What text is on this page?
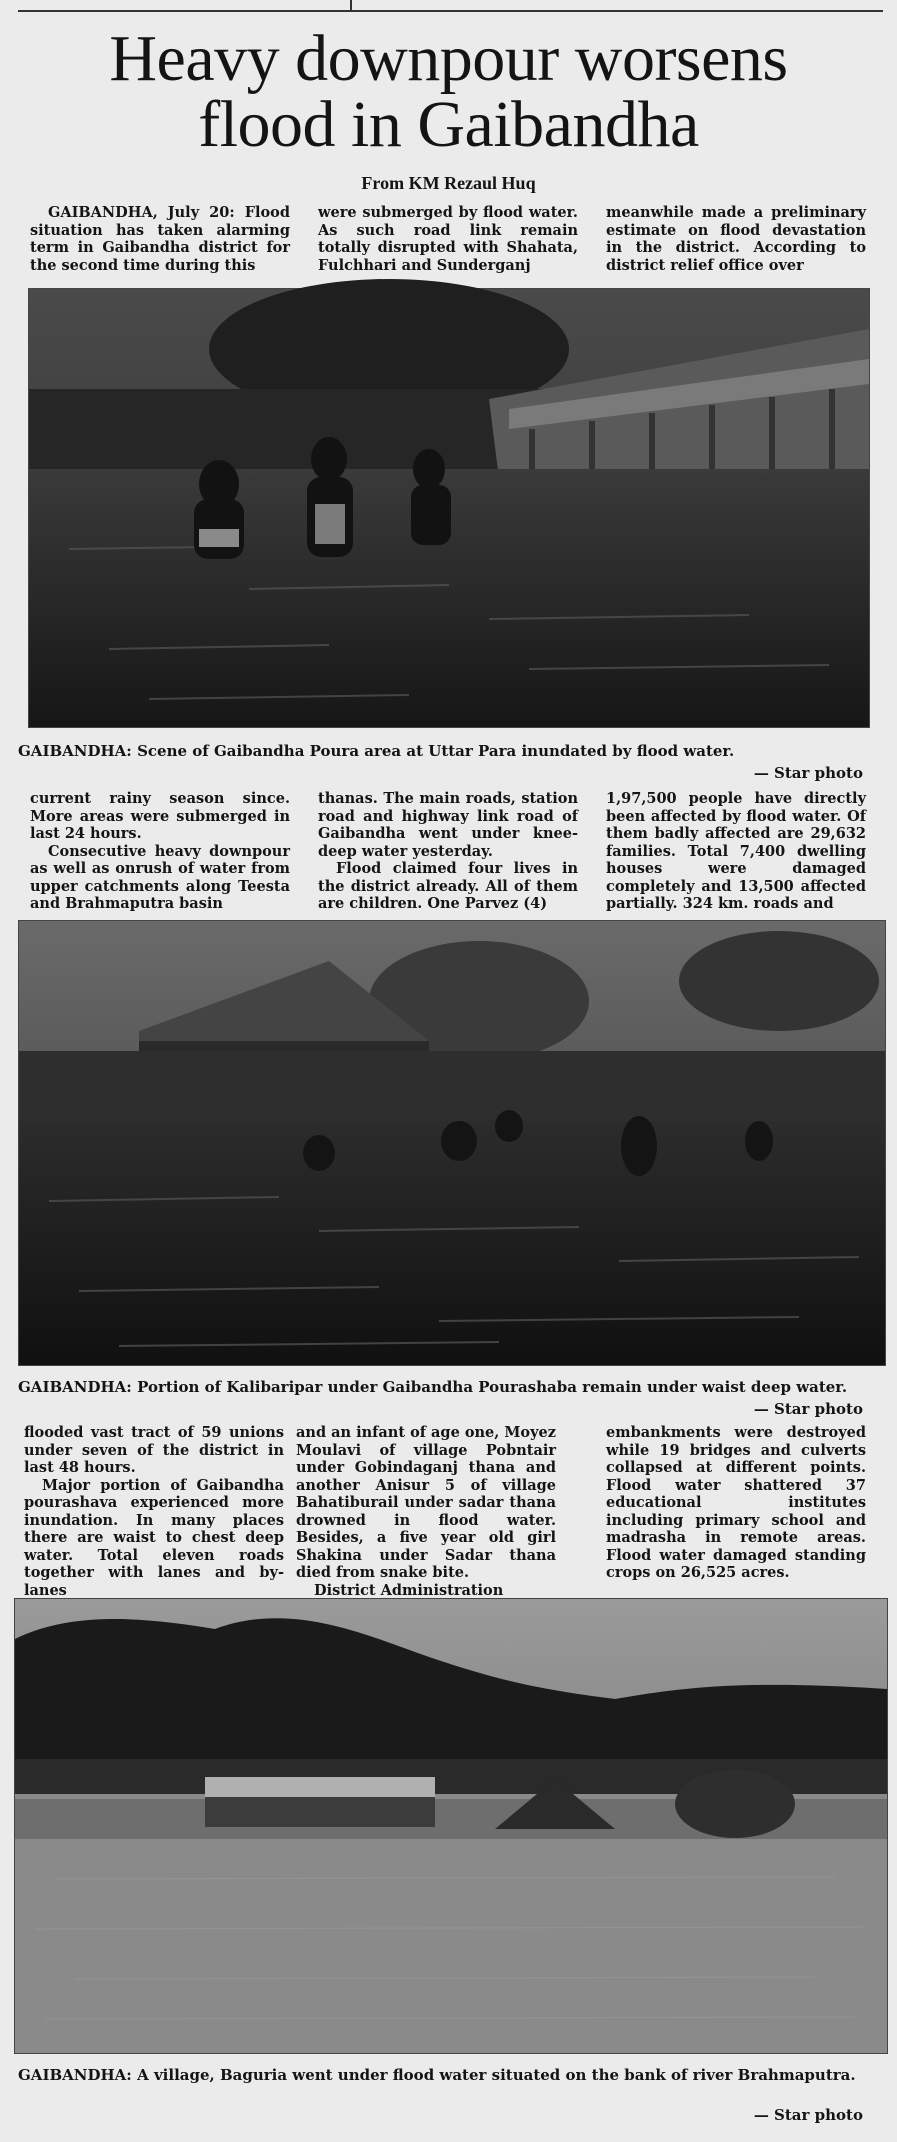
Heavy downpour worsens
flood in Gaibandha
From KM Rezaul Huq

GAIBANDHA, July 20: Flood situation has taken alarming term in Gaibandha district for the second time during this

were submerged by flood water. As such road link remain totally disrupted with Shahata, Fulchhari and Sunderganj

meanwhile made a preliminary estimate on flood devastation in the district. According to district relief office over

GAIBANDHA: Scene of Gaibandha Poura area at Uttar Para inundated by flood water.
— Star photo

current rainy season since. More areas were submerged in last 24 hours.

Consecutive heavy downpour as well as onrush of water from upper catchments along Teesta and Brahmaputra basin

thanas. The main roads, station road and highway link road of Gaibandha went under knee-deep water yesterday.

Flood claimed four lives in the district already. All of them are children. One Parvez (4)

1,97,500 people have directly been affected by flood water. Of them badly affected are 29,632 families. Total 7,400 dwelling houses were damaged completely and 13,500 affected partially. 324 km. roads and

GAIBANDHA: Portion of Kalibaripar under Gaibandha Pourashaba remain under waist deep water.
— Star photo

flooded vast tract of 59 unions under seven of the district in last 48 hours.

Major portion of Gaibandha pourashava experienced more inundation. In many places there are waist to chest deep water. Total eleven roads together with lanes and by-lanes

and an infant of age one, Moyez Moulavi of village Pobntair under Gobindaganj thana and another Anisur 5 of village Bahatiburail under sadar thana drowned in flood water. Besides, a five year old girl Shakina under Sadar thana died from snake bite.

District Administration

embankments were destroyed while 19 bridges and culverts collapsed at different points. Flood water shattered 37 educational institutes including primary school and madrasha in remote areas. Flood water damaged standing crops on 26,525 acres.

GAIBANDHA: A village, Baguria went under flood water situated on the bank of river Brahmaputra.
— Star photo
